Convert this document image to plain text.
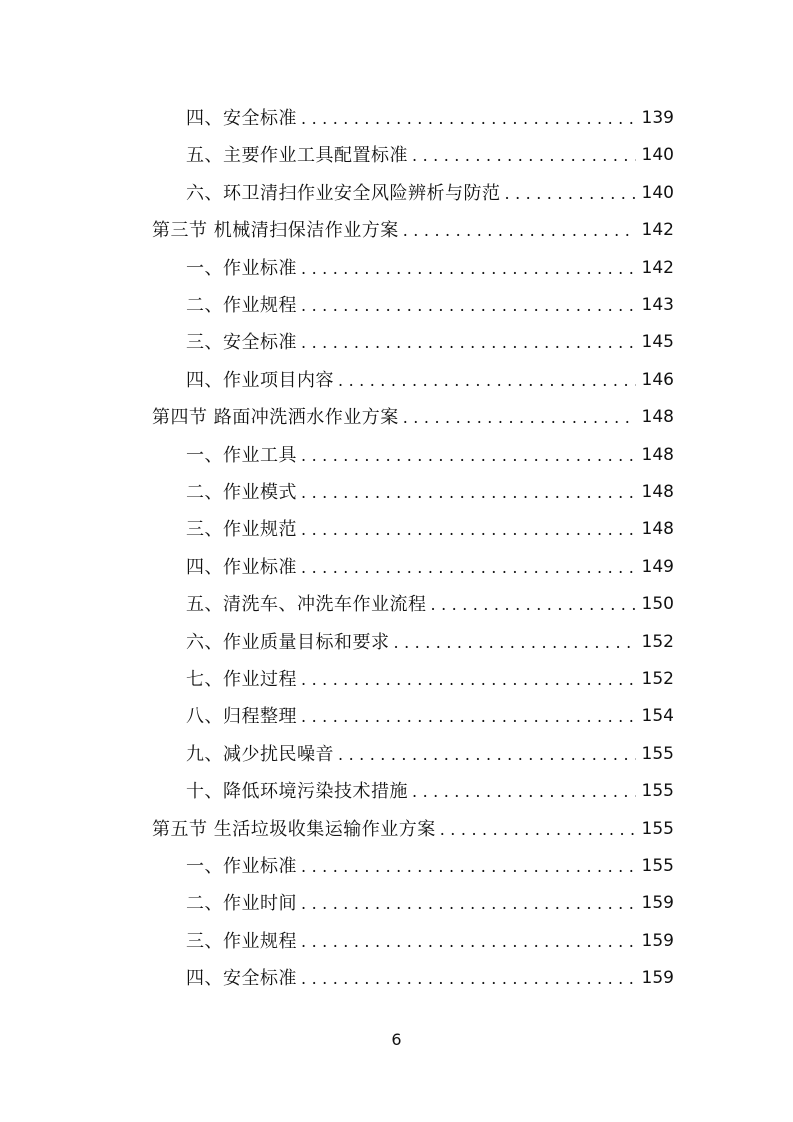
四、安全标准 . . .	139
五、主要作业工具配置标准 . . .	140
六、环卫清扫作业安全风险辨析与防范 . . .	140
第三节 机械清扫保洁作业方案 . . .	142
一、作业标准 . . .	142
二、作业规程 . . .	143
三、安全标准 . . .	145
四、作业项目内容 . . .	146
第四节 路面冲洗洒水作业方案 . . .	148
一、作业工具 . . .	148
二、作业模式 . . .	148
三、作业规范 . . .	148
四、作业标准 . . .	149
五、清洗车、冲洗车作业流程 . . .	150
六、作业质量目标和要求 . . .	152
七、作业过程 . . .	152
八、归程整理 . . .	154
九、减少扰民噪音 . . .	155
十、降低环境污染技术措施 . . .	155
第五节 生活垃圾收集运输作业方案 . . .	155
一、作业标准 . . .	155
二、作业时间 . . .	159
三、作业规程 . . .	159
四、安全标准 . . .	159
6
